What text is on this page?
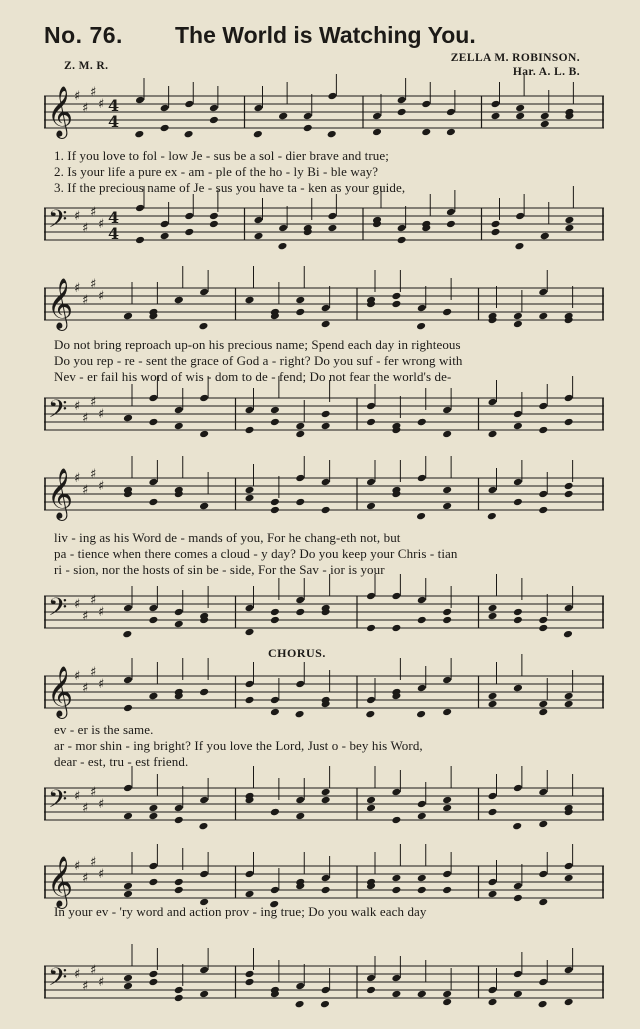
No. 76. The World is Watching You.
Z. M. R.
ZELLA M. ROBINSON.
Har. A. L. B.
CHORUS.
𝄞 ♯
♯
♯
♯ 4
4
𝄢 ♯
♯
♯
♯ 4
4
1. If you love to fol - low Je - sus be a sol - dier brave and true;
2. Is your life a pure ex - am - ple of the ho - ly Bi - ble way?
3. If the precious name of Je - sus you have ta - ken as your guide,
𝄞 ♯
♯
♯
♯
𝄢 ♯
♯
♯
♯
Do not bring reproach up-on his precious name; Spend each day in righteous
Do you rep - re - sent the grace of God a - right? Do you suf - fer wrong with
Nev - er fail his word of wis - dom to de - fend; Do not fear the world's de-
𝄞 ♯
♯
♯
♯
𝄢 ♯
♯
♯
♯
liv - ing as his Word de - mands of you, For he chang-eth not, but
pa - tience when there comes a cloud - y day? Do you keep your Chris - tian
ri - sion, nor the hosts of sin be - side, For the Sav - ior is your
𝄞 ♯
♯
♯
♯
𝄢 ♯
♯
♯
♯
ev - er is the same.
ar - mor shin - ing bright? If you love the Lord, Just o - bey his Word,
dear - est, tru - est friend.
𝄞 ♯
♯
♯
♯
𝄢 ♯
♯
♯
♯
In your ev - 'ry word and action prov - ing true; Do you walk each day
